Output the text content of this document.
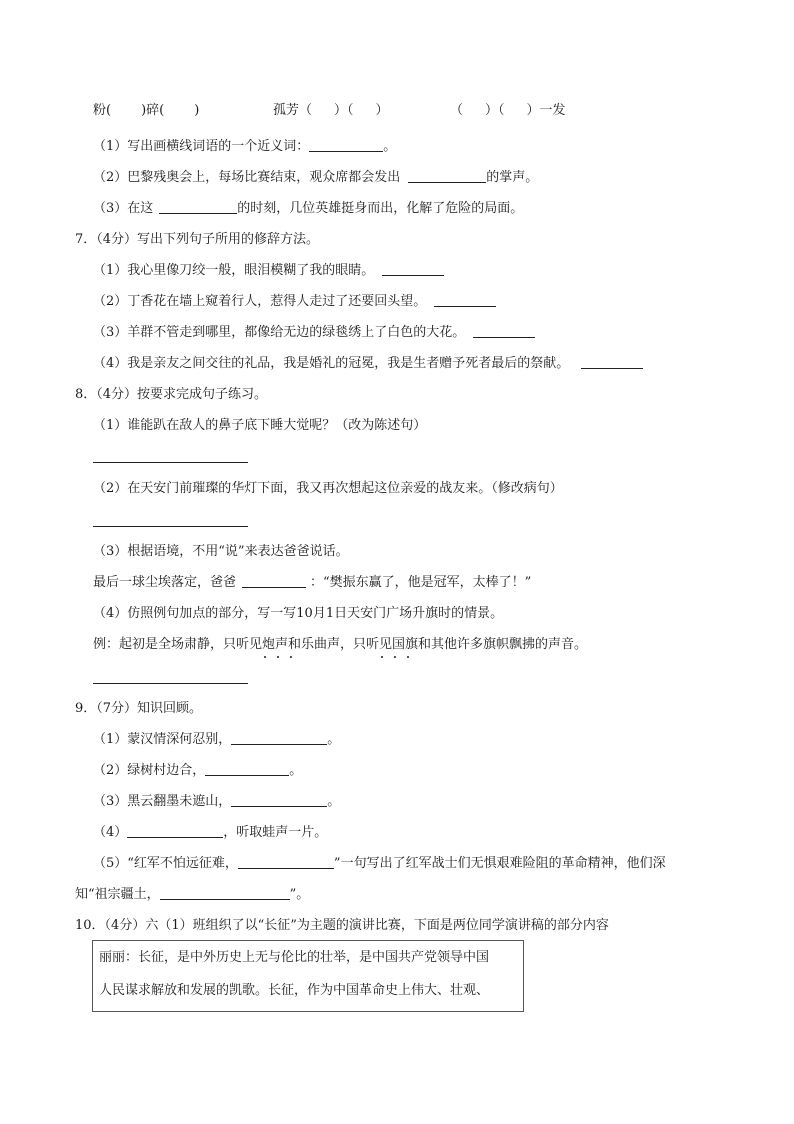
粉( )碎( )	孤芳（ ）（ ）	（ ）（ ）一发
（1）写出画横线词语的一个近义词：	。
（2）巴黎残奥会上，每场比赛结束，观众席都会发出	的掌声。
（3）在这	的时刻，几位英雄挺身而出，化解了危险的局面。
7．（4分）写出下列句子所用的修辞方法。
（1）我心里像刀绞一般，眼泪模糊了我的眼睛。
（2）丁香花在墙上窥着行人，惹得人走过了还要回头望。
（3）羊群不管走到哪里，都像给无边的绿毯绣上了白色的大花。
（4）我是亲友之间交往的礼品，我是婚礼的冠冕，我是生者赠予死者最后的祭献。
8．（4分）按要求完成句子练习。
（1）谁能趴在敌人的鼻子底下睡大觉呢？（改为陈述句）
（2）在天安门前璀璨的华灯下面，我又再次想起这位亲爱的战友来。（修改病句）
（3）根据语境，不用“说”来表达爸爸说话。
最后一球尘埃落定，爸爸	：“樊振东赢了，他是冠军，太棒了！”
（4）仿照例句加点的部分，写一写10月1日天安门广场升旗时的情景。
例：起初是全场肃静，只听见炮声和乐曲声，只听见国旗和其他许多旗帜飘拂的声音。
9．（7分）知识回顾。
（1）蒙汉情深何忍别，	。
（2）绿树村边合，	。
（3）黑云翻墨未遮山，	。
（4）	，听取蛙声一片。
（5）“红军不怕远征难，	”一句写出了红军战士们无惧艰难险阻的革命精神，他们深
知“祖宗疆土，	”。
10．（4分）六（1）班组织了以“长征”为主题的演讲比赛，下面是两位同学演讲稿的部分内容
丽丽：长征，是中外历史上无与伦比的壮举，是中国共产党领导中国
人民谋求解放和发展的凯歌。长征，作为中国革命史上伟大、壮观、
